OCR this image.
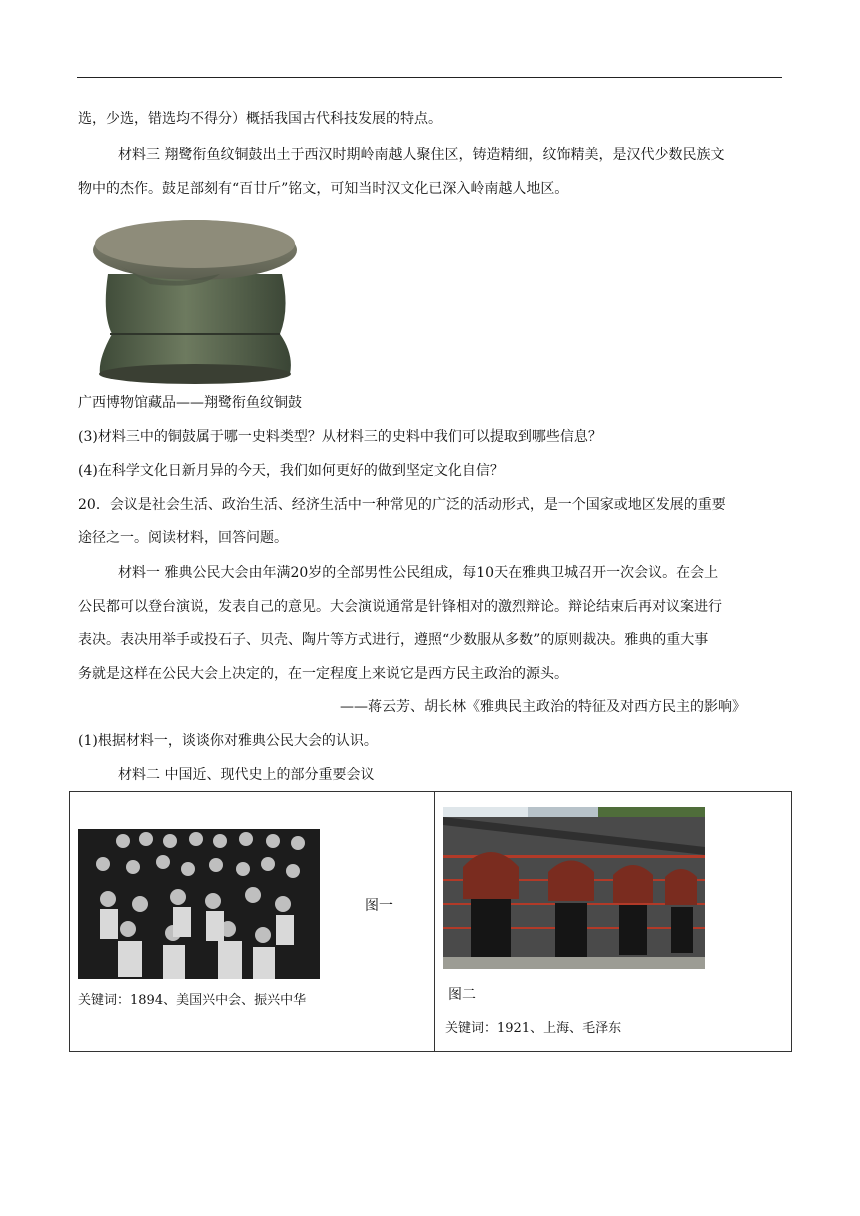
选，少选，错选均不得分）概括我国古代科技发展的特点。
材料三 翔鹭衔鱼纹铜鼓出土于西汉时期岭南越人聚住区，铸造精细，纹饰精美，是汉代少数民族文
物中的杰作。鼓足部刻有“百廿斤”铭文，可知当时汉文化已深入岭南越人地区。
广西博物馆藏品——翔鹭衔鱼纹铜鼓
(3)材料三中的铜鼓属于哪一史料类型？从材料三的史料中我们可以提取到哪些信息？
(4)在科学文化日新月异的今天，我们如何更好的做到坚定文化自信？
20．会议是社会生活、政治生活、经济生活中一种常见的广泛的活动形式，是一个国家或地区发展的重要
途径之一。阅读材料，回答问题。
材料一 雅典公民大会由年满20岁的全部男性公民组成，每10天在雅典卫城召开一次会议。在会上
公民都可以登台演说，发表自己的意见。大会演说通常是针锋相对的激烈辩论。辩论结束后再对议案进行
表决。表决用举手或投石子、贝壳、陶片等方式进行，遵照“少数服从多数”的原则裁决。雅典的重大事
务就是这样在公民大会上决定的，在一定程度上来说它是西方民主政治的源头。
——蒋云芳、胡长林《雅典民主政治的特征及对西方民主的影响》
(1)根据材料一，谈谈你对雅典公民大会的认识。
材料二 中国近、现代史上的部分重要会议
图一
关键词：1894、美国兴中会、振兴中华	图二
关键词：1921、上海、毛泽东
